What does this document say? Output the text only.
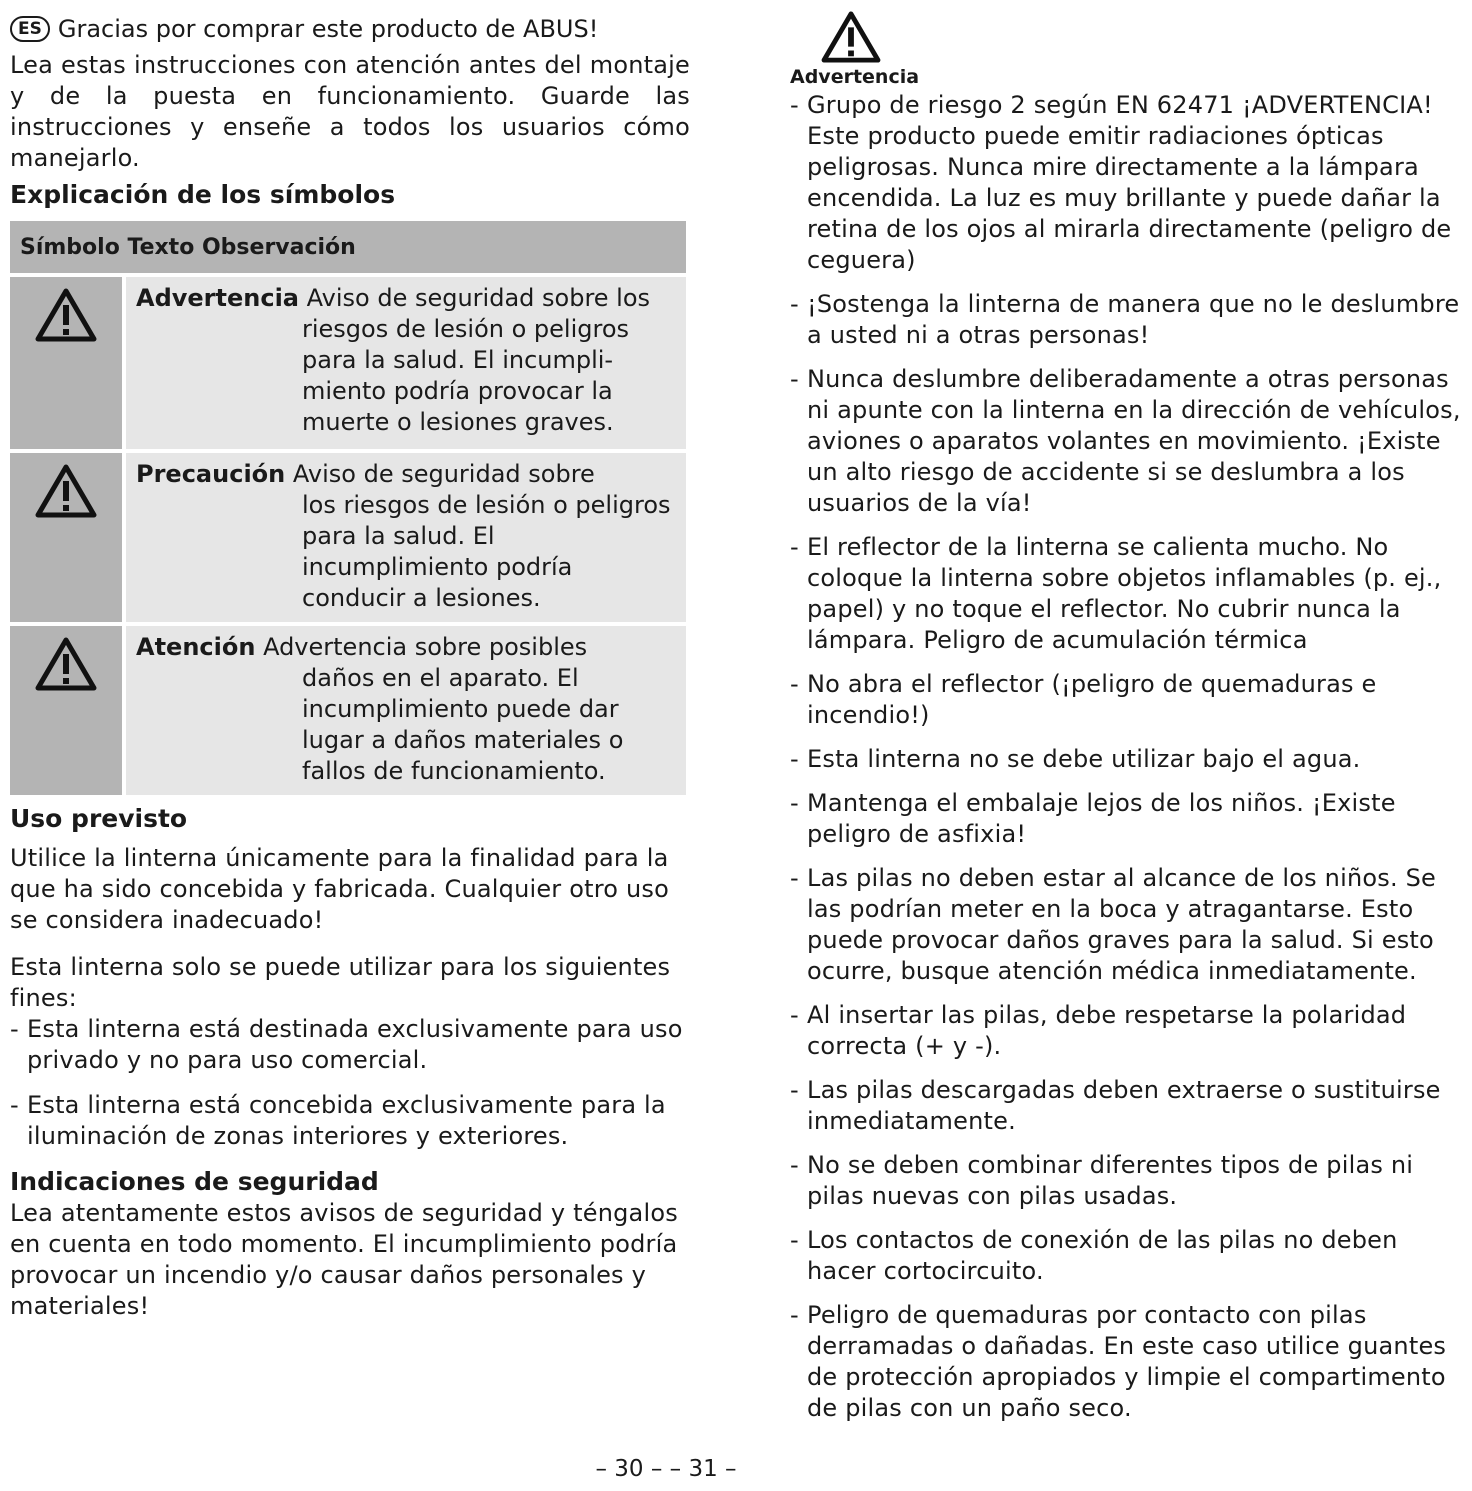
ES Gracias por comprar este producto de ABUS!

Lea estas instrucciones con atención antes del montaje y de la puesta en funcionamiento. Guarde las instrucciones y enseñe a todos los usuarios cómo manejarlo.

Explicación de los símbolos

Símbolo Texto Observación	

Advertencia Aviso de seguridad sobre los
riesgos de lesión o peligros para la salud. El incumpli-miento podría provocar la muerte o lesiones graves.

Precaución Aviso de seguridad sobre
los riesgos de lesión o peligros para la salud. El incumplimiento podría conducir a lesiones.

Atención Advertencia sobre posibles
daños en el aparato. El incumplimiento puede dar lugar a daños materiales o fallos de funcionamiento.

Uso previsto

Utilice la linterna únicamente para la finalidad para la que ha sido concebida y fabricada. Cualquier otro uso se considera inadecuado!

Esta linterna solo se puede utilizar para los siguientes fines:

- Esta linterna está destinada exclusivamente para uso privado y no para uso comercial.
- Esta linterna está concebida exclusivamente para la iluminación de zonas interiores y exteriores.

Indicaciones de seguridad

Lea atentamente estos avisos de seguridad y téngalos en cuenta en todo momento. El incumplimiento podría provocar un incendio y/o causar daños personales y materiales!

Advertencia
- Grupo de riesgo 2 según EN 62471 ¡ADVERTENCIA! Este producto puede emitir radiaciones ópticas peligrosas. Nunca mire directamente a la lámpara encendida. La luz es muy brillante y puede dañar la retina de los ojos al mirarla directamente (peligro de ceguera)
- ¡Sostenga la linterna de manera que no le deslumbre a usted ni a otras personas!
- Nunca deslumbre deliberadamente a otras personas ni apunte con la linterna en la dirección de vehículos, aviones o aparatos volantes en movimiento. ¡Existe un alto riesgo de accidente si se deslumbra a los usuarios de la vía!
- El reflector de la linterna se calienta mucho. No coloque la linterna sobre objetos inflamables (p. ej., papel) y no toque el reflector. No cubrir nunca la lámpara. Peligro de acumulación térmica
- No abra el reflector (¡peligro de quemaduras e incendio!)
- Esta linterna no se debe utilizar bajo el agua.
- Mantenga el embalaje lejos de los niños. ¡Existe peligro de asfixia!
- Las pilas no deben estar al alcance de los niños. Se las podrían meter en la boca y atragantarse. Esto puede provocar daños graves para la salud. Si esto ocurre, busque atención médica inmediatamente.
- Al insertar las pilas, debe respetarse la polaridad correcta (+ y -).
- Las pilas descargadas deben extraerse o sustituirse inmediatamente.
- No se deben combinar diferentes tipos de pilas ni pilas nuevas con pilas usadas.
- Los contactos de conexión de las pilas no deben hacer cortocircuito.
- Peligro de quemaduras por contacto con pilas derramadas o dañadas. En este caso utilice guantes de protección apropiados y limpie el compartimento de pilas con un paño seco.
– 30 – – 31 –
